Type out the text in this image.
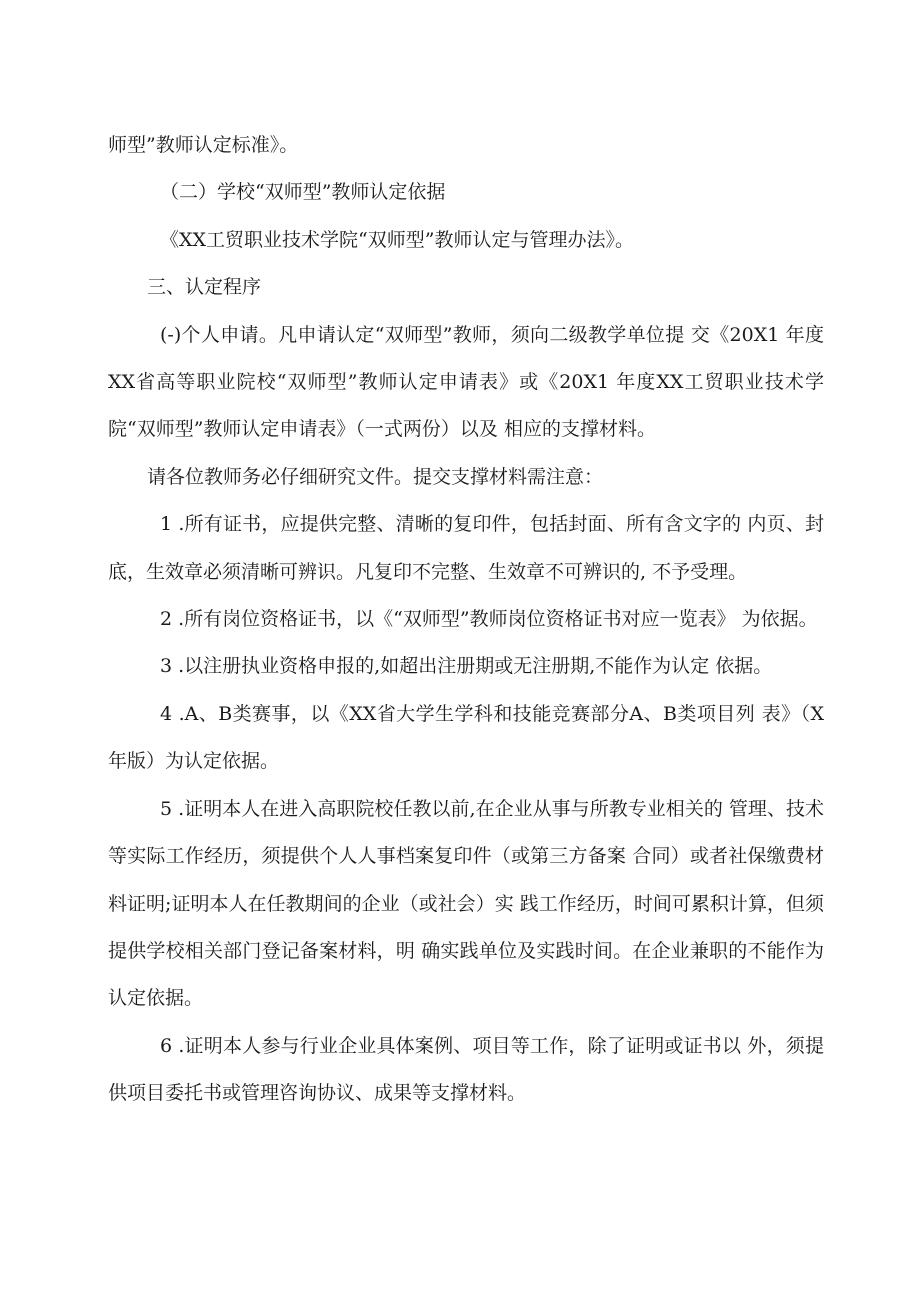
师型”教师认定标准》。

（二）学校“双师型”教师认定依据

《XX工贸职业技术学院“双师型”教师认定与管理办法》。

三、认定程序

(-)个人申请。凡申请认定“双师型”教师，须向二级教学单位提 交《20X1 年度XX省高等职业院校“双师型”教师认定申请表》或《20X1 年度XX工贸职业技术学院“双师型”教师认定申请表》（一式两份）以及 相应的支撑材料。

请各位教师务必仔细研究文件。提交支撑材料需注意：

1 .所有证书，应提供完整、清晰的复印件，包括封面、所有含文字的 内页、封底，生效章必须清晰可辨识。凡复印不完整、生效章不可辨识的, 不予受理。

2 .所有岗位资格证书，以《“双师型”教师岗位资格证书对应一览表》 为依据。

3 .以注册执业资格申报的,如超出注册期或无注册期,不能作为认定 依据。

4 .A、B类赛事，以《XX省大学生学科和技能竞赛部分A、B类项目列 表》（X年版）为认定依据。

5 .证明本人在进入高职院校任教以前,在企业从事与所教专业相关的 管理、技术等实际工作经历，须提供个人人事档案复印件（或第三方备案 合同）或者社保缴费材料证明;证明本人在任教期间的企业（或社会）实 践工作经历，时间可累积计算，但须提供学校相关部门登记备案材料，明 确实践单位及实践时间。在企业兼职的不能作为认定依据。

6 .证明本人参与行业企业具体案例、项目等工作，除了证明或证书以 外，须提供项目委托书或管理咨询协议、成果等支撑材料。
